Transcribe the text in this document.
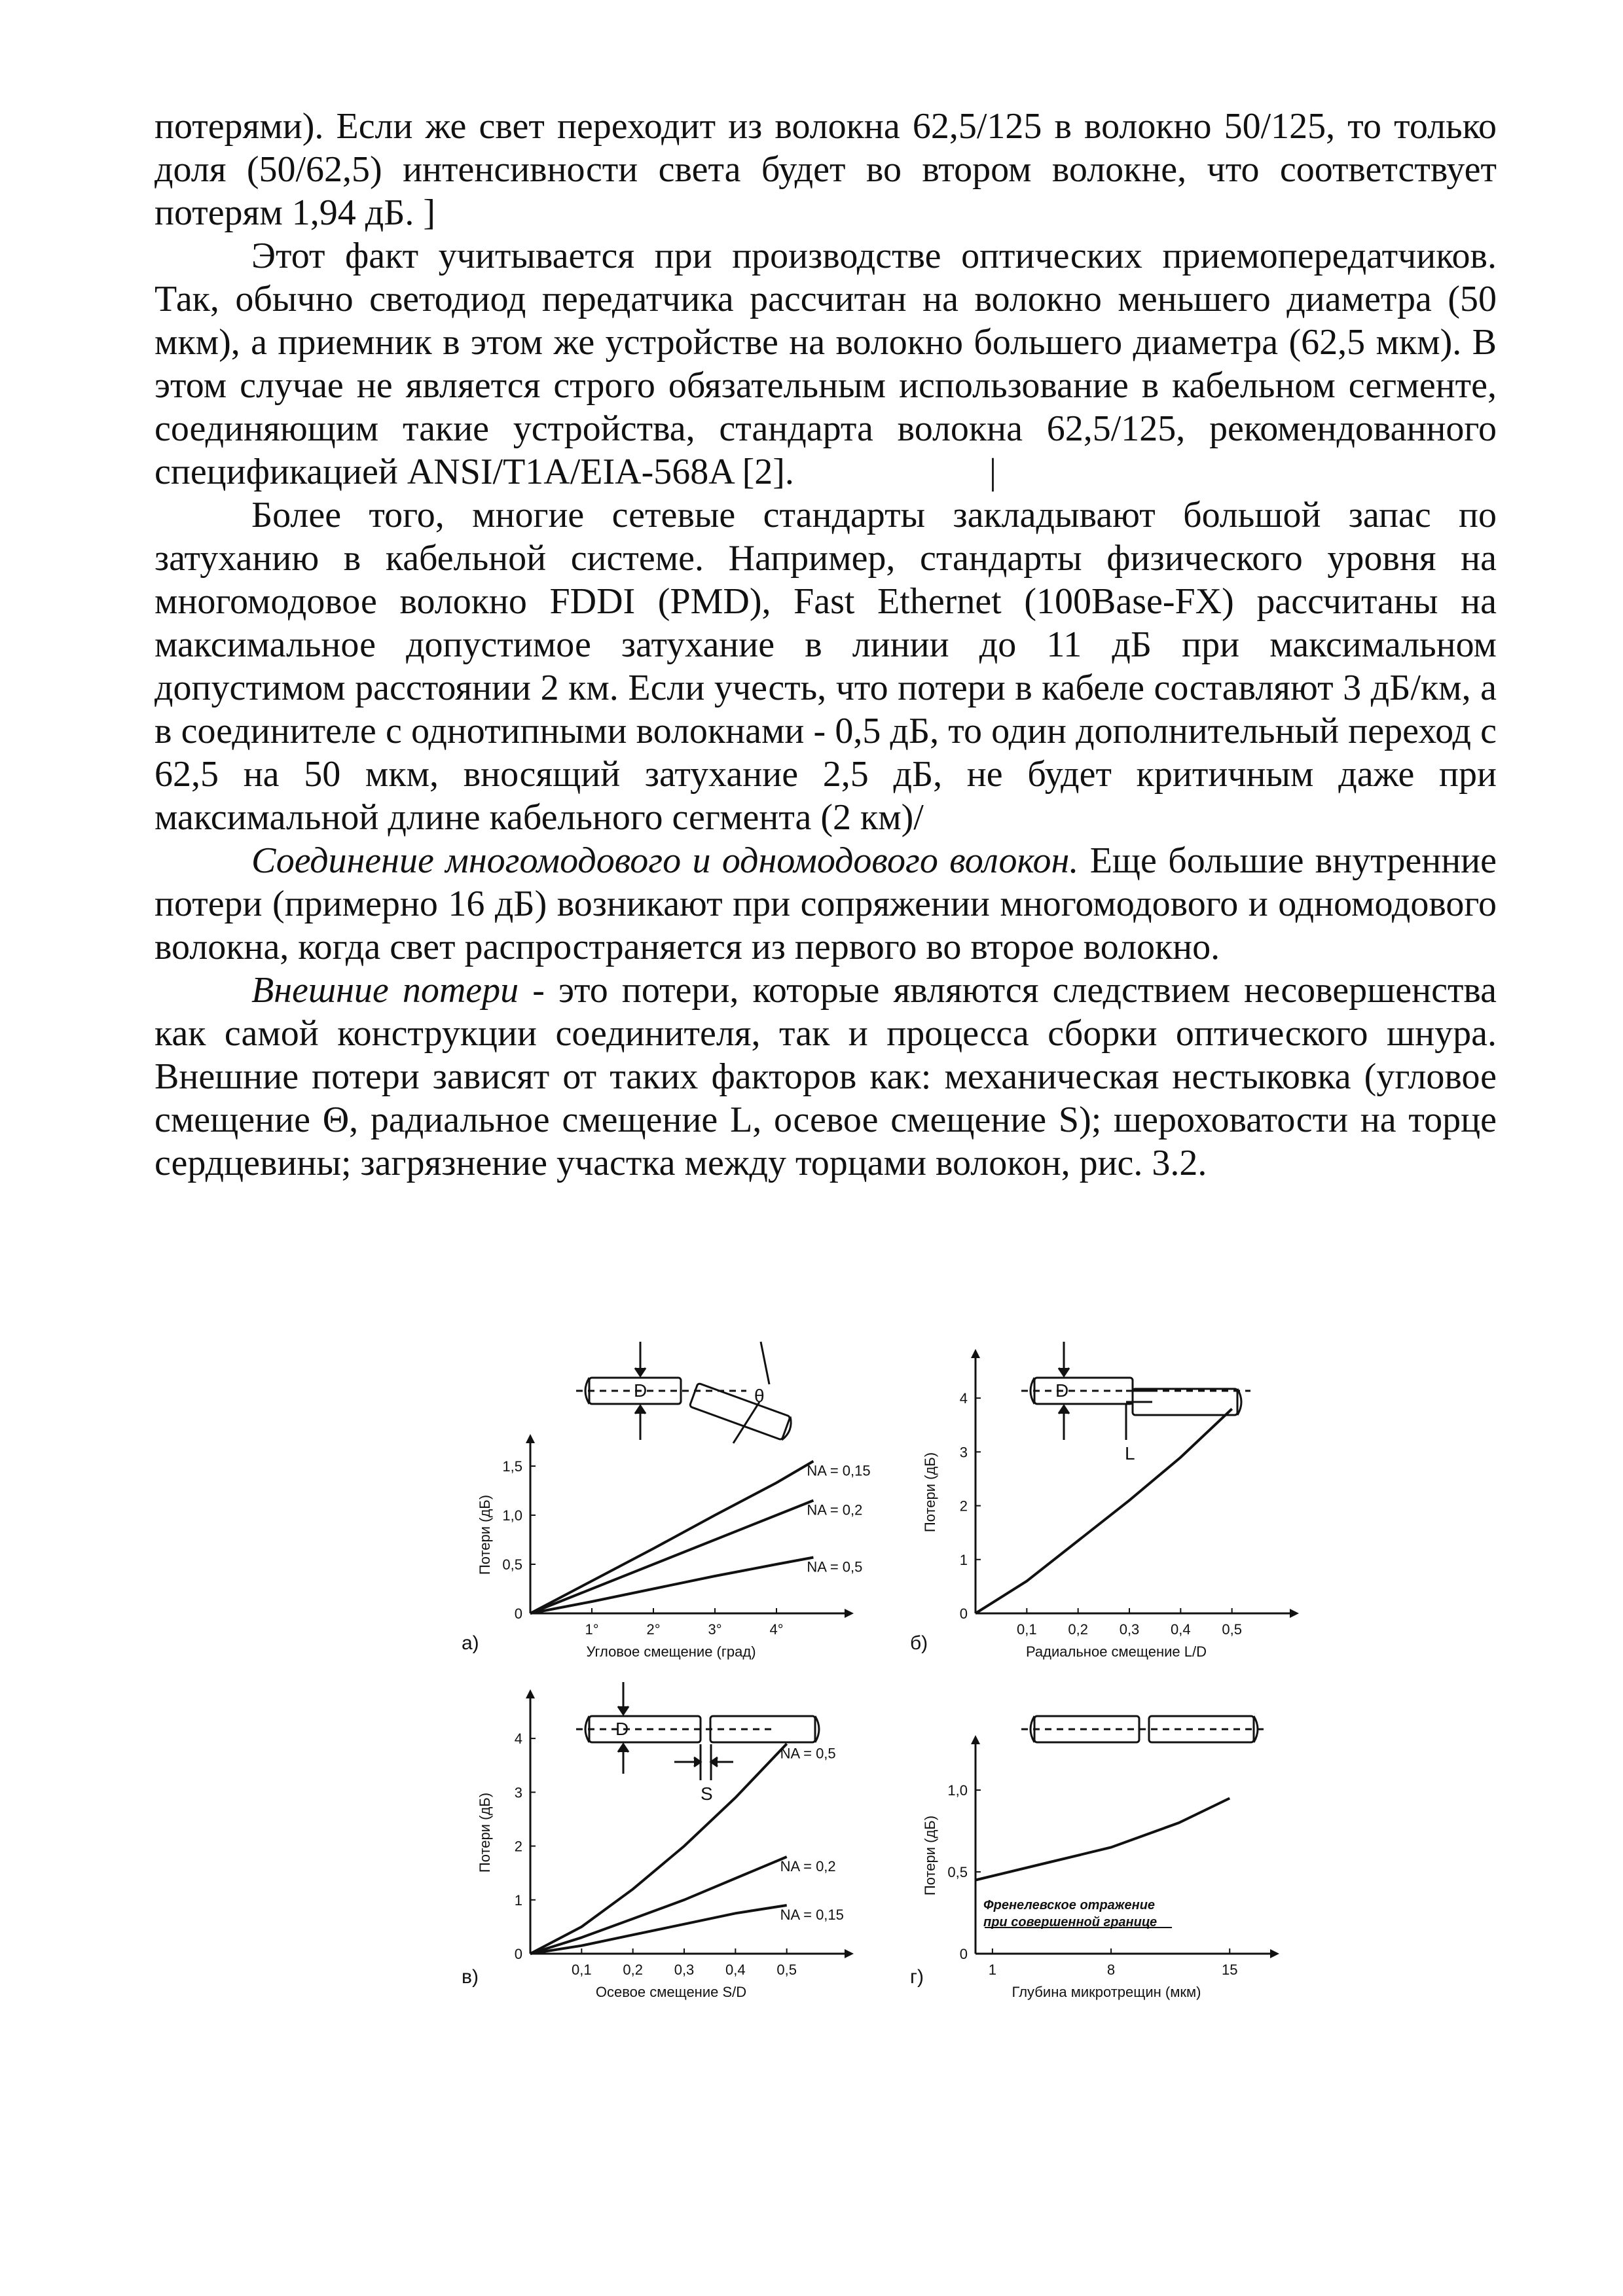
потерями). Если же свет переходит из волокна 62,5/125 в волокно 50/125, то только доля (50/62,5) интенсивности света будет во втором волокне, что соответствует потерям 1,94 дБ. ]

Этот факт учитывается при производстве оптических приемопередатчиков. Так, обычно светодиод передатчика рассчитан на волокно меньшего диаметра (50 мкм), а приемник в этом же устройстве на волокно большего диаметра (62,5 мкм). В этом случае не является строго обязательным использование в кабельном сегменте, соединяющим такие устройства, стандарта волокна 62,5/125, рекомендованного спецификацией ANSI/T1A/EIA-568A [2].	|

Более того, многие сетевые стандарты закладывают большой запас по затуханию в кабельной системе. Например, стандарты физического уровня на многомодовое волокно FDDI (PMD), Fast Ethernet (100Base-FX) рассчитаны на максимальное допустимое затухание в линии до 11 дБ при максимальном допустимом расстоянии 2 км. Если учесть, что потери в кабеле составляют 3 дБ/км, а в соединителе с однотипными волокнами - 0,5 дБ, то один дополнительный переход с 62,5 на 50 мкм, вносящий затухание 2,5 дБ, не будет критичным даже при максимальной длине кабельного сегмента (2 км)/

Соединение многомодового и одномодового волокон. Еще большие внутренние потери (примерно 16 дБ) возникают при сопряжении многомодового и одномодового волокна, когда свет распространяется из первого во второе волокно.

Внешние потери - это потери, которые являются следствием несовершенства как самой конструкции соединителя, так и процесса сборки оптического шнура. Внешние потери зависят от таких факторов как: механическая нестыковка (угловое смещение Θ, радиальное смещение L, осевое смещение S); шероховатости на торце сердцевины; загрязнение участка между торцами волокон, рис. 3.2.

D	θ	D
L
D
S
а)	б)
в)	г)
1°	2°	3°	4°
0
0,5
1,0
1,5
Угловое смещение (град)
Потери (дБ)
NA = 0,15
NA = 0,2
NA = 0,5
0,1 0,2 0,3 0,4 0,5
0
1
2
3
4
Радиальное смещение L/D
Потери (дБ)
0,1 0,2 0,3 0,4 0,5
0
1
2
3
4
Осевое смещение S/D
Потери (дБ)
NA = 0,5
NA = 0,2
NA = 0,15
1	8	15
0
0,5
1,0
Глубина микротрещин (мкм)
Потери (дБ)
Френелевское отражение
при совершенной границе
